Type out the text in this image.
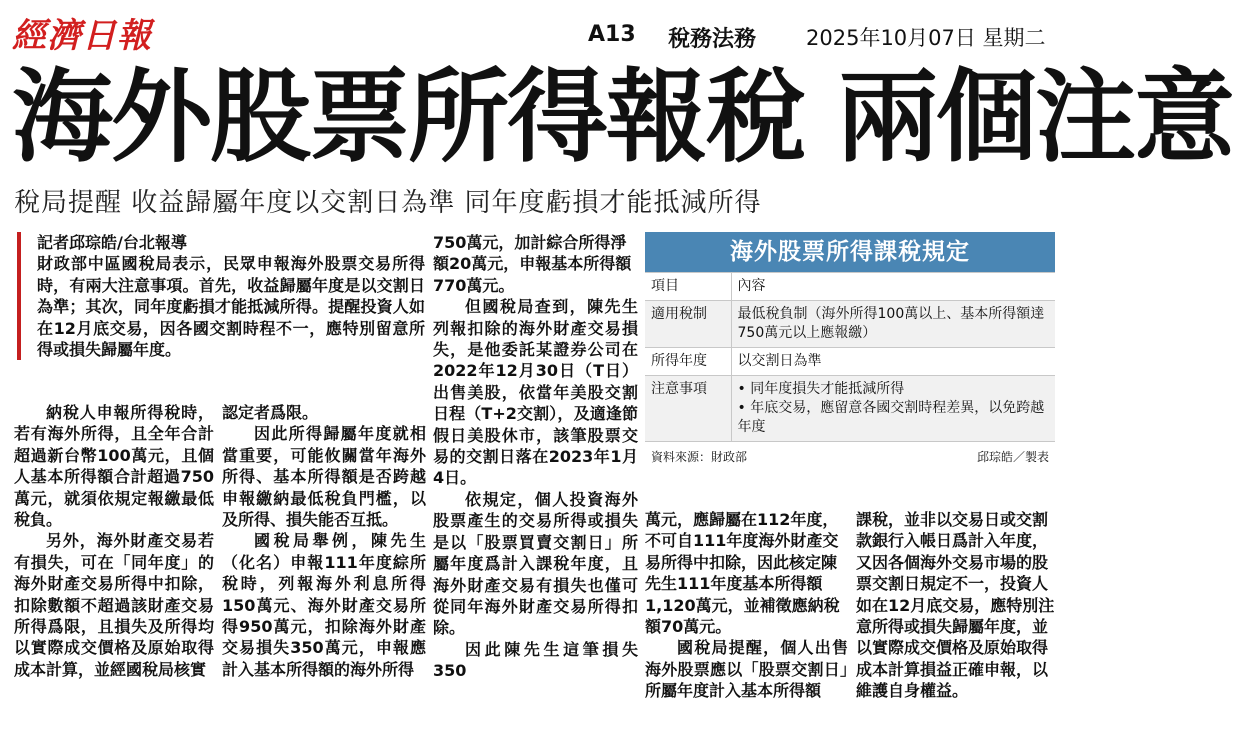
經濟日報	A13 稅務法務 2025年10月07日 星期二
海外股票所得報稅 兩個注意
稅局提醒 收益歸屬年度以交割日為準 同年度虧損才能抵減所得

記者邱琮皓/台北報導
財政部中區國稅局表示，民眾申報海外股票交易所得時，有兩大注意事項。首先，收益歸屬年度是以交割日為準；其次，同年度虧損才能抵減所得。提醒投資人如在12月底交易，因各國交割時程不一，應特別留意所得或損失歸屬年度。

納稅人申報所得稅時，若有海外所得，且全年合計超過新台幣100萬元，且個人基本所得額合計超過750萬元，就須依規定報繳最低稅負。

另外，海外財產交易若有損失，可在「同年度」的海外財產交易所得中扣除，扣除數額不超過該財產交易所得爲限，且損失及所得均以實際成交價格及原始取得成本計算，並經國稅局核實

認定者爲限。

因此所得歸屬年度就相當重要，可能攸關當年海外所得、基本所得額是否跨越申報繳納最低稅負門檻，以及所得、損失能否互抵。

國稅局舉例，陳先生（化名）申報111年度綜所稅時，列報海外利息所得150萬元、海外財產交易所得950萬元，扣除海外財產交易損失350萬元，申報應計入基本所得額的海外所得

750萬元，加計綜合所得淨額20萬元，申報基本所得額770萬元。

但國稅局查到，陳先生列報扣除的海外財產交易損失，是他委託某證券公司在2022年12月30日（T日）出售美股，依當年美股交割日程（T+2交割），及適逢節假日美股休市，該筆股票交易的交割日落在2023年1月4日。

依規定，個人投資海外股票產生的交易所得或損失是以「股票買賣交割日」所屬年度爲計入課稅年度，且海外財產交易有損失也僅可從同年海外財產交易所得扣除。

因此陳先生這筆損失350

海外股票所得課稅規定
項目	內容
適用稅制	最低稅負制（海外所得100萬以上、基本所得額達750萬元以上應報繳）
所得年度	以交割日為準
注意事項	• 同年度損失才能抵減所得
• 年底交易，應留意各國交割時程差異，以免跨越年度
資料來源：財政部	邱琮皓／製表

萬元，應歸屬在112年度，不可自111年度海外財產交易所得中扣除，因此核定陳先生111年度基本所得額1,120萬元，並補徵應納稅額70萬元。

國稅局提醒，個人出售海外股票應以「股票交割日」所屬年度計入基本所得額

課稅，並非以交易日或交割款銀行入帳日爲計入年度，又因各個海外交易市場的股票交割日規定不一，投資人如在12月底交易，應特別注意所得或損失歸屬年度，並以實際成交價格及原始取得成本計算損益正確申報，以維護自身權益。
